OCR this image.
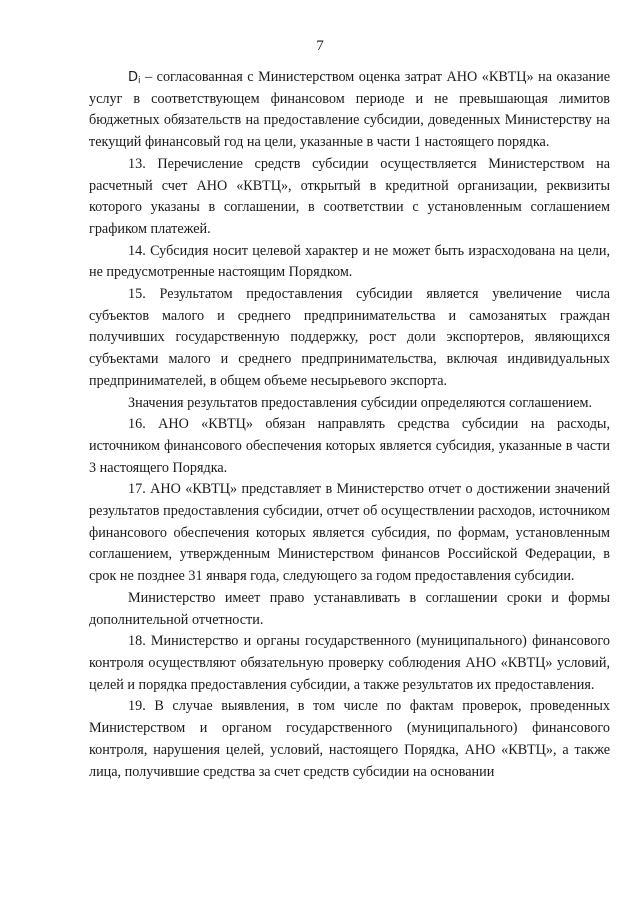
7

$D_i$ – согласованная с Министерством оценка затрат АНО «КВТЦ» на оказание услуг в соответствующем финансовом периоде и не превышающая лимитов бюджетных обязательств на предоставление субсидии, доведенных Министерству на текущий финансовый год на цели, указанные в части 1 настоящего порядка.

13. Перечисление средств субсидии осуществляется Министерством на расчетный счет АНО «КВТЦ», открытый в кредитной организации, реквизиты которого указаны в соглашении, в соответствии с установленным соглашением графиком платежей.

14. Субсидия носит целевой характер и не может быть израсходована на цели, не предусмотренные настоящим Порядком.

15. Результатом предоставления субсидии является увеличение числа субъектов малого и среднего предпринимательства и самозанятых граждан получивших государственную поддержку, рост доли экспортеров, являющихся субъектами малого и среднего предпринимательства, включая индивидуальных предпринимателей, в общем объеме несырьевого экспорта.

Значения результатов предоставления субсидии определяются соглашением.

16. АНО «КВТЦ» обязан направлять средства субсидии на расходы, источником финансового обеспечения которых является субсидия, указанные в части 3 настоящего Порядка.

17. АНО «КВТЦ» представляет в Министерство отчет о достижении значений результатов предоставления субсидии, отчет об осуществлении расходов, источником финансового обеспечения которых является субсидия, по формам, установленным соглашением, утвержденным Министерством финансов Российской Федерации, в срок не позднее 31 января года, следующего за годом предоставления субсидии.

Министерство имеет право устанавливать в соглашении сроки и формы дополнительной отчетности.

18. Министерство и органы государственного (муниципального) финансового контроля осуществляют обязательную проверку соблюдения АНО «КВТЦ» условий, целей и порядка предоставления субсидии, а также результатов их предоставления.

19. В случае выявления, в том числе по фактам проверок, проведенных Министерством и органом государственного (муниципального) финансового контроля, нарушения целей, условий, настоящего Порядка, АНО «КВТЦ», а также лица, получившие средства за счет средств субсидии на основании
